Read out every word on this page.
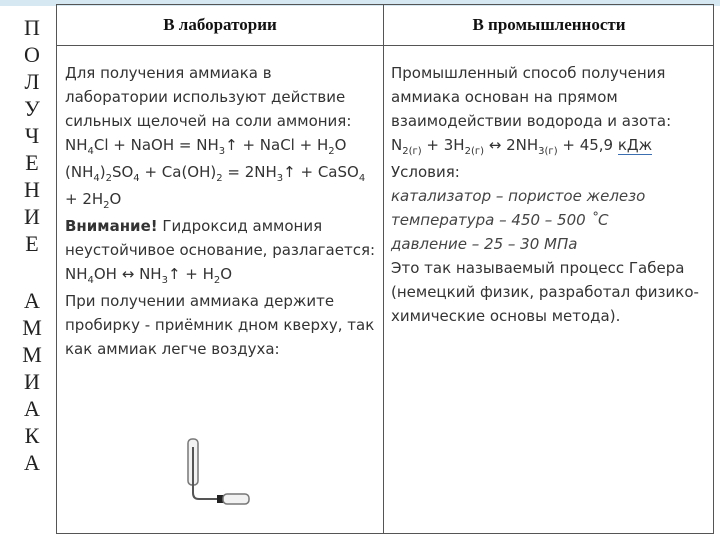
П
О
Л
У
Ч
Е
Н
И
Е
А
М
М
И
А
К
А
В лаборатории	В промышленности

Для получения аммиака в лаборатории используют действие сильных щелочей на соли аммония:

$NH_4Cl$ + NaOH = $NH_3↑$ + NaCl + $H_2O$

$(NH_4)_2SO_4 + Ca(OH)_2$ = $2NH_3↑$ + CaSO$_4$
+ $2H_2O$

Внимание! Гидроксид аммония неустойчивое основание, разлагается:

$NH_4OH$ ↔ $NH_3↑ + H_2O$

При получении аммиака держите пробирку - приёмник дном кверху, так как аммиак легче воздуха:

Промышленный способ получения аммиака основан на прямом взаимодействии водорода и азота:

$N_{2(г)} + 3H_{2(г)}$ ↔ $2NH_{3(г)} + 45,9$ кДж

Условия:

катализатор – пористое железо

температура – 450 – 500 ˚С

давление – 25 – 30 МПа

Это так называемый процесс Габера (немецкий физик, разработал физико-химические основы метода).
